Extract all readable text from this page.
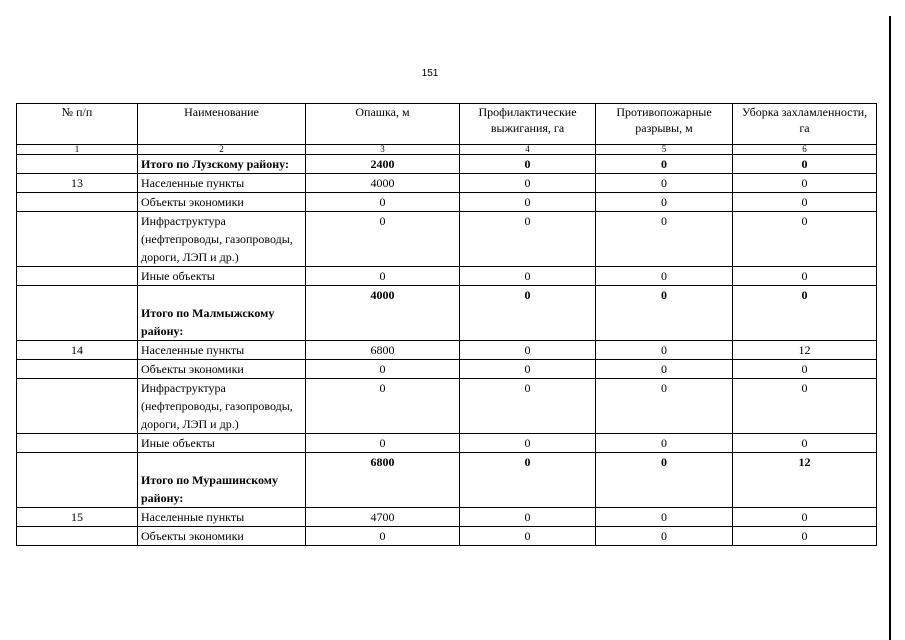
151
№ п/п	Наименование	Опашка, м	Профилактические выжигания, га	Противопожарные разрывы, м	Уборка захламленности, га
1	2	3	4	5	6
	Итого по Лузскому району:	2400	0	0	0
13	Населенные пункты	4000	0	0	0
	Объекты экономики	0	0	0	0
	Инфраструктура (нефтепроводы, газопроводы, дороги, ЛЭП и др.)	0	0	0	0
	Иные объекты	0	0	0	0
	Итого по Малмыжскому району:	4000	0	0	0
14	Населенные пункты	6800	0	0	12
	Объекты экономики	0	0	0	0
	Инфраструктура (нефтепроводы, газопроводы, дороги, ЛЭП и др.)	0	0	0	0
	Иные объекты	0	0	0	0
	Итого по Мурашинскому району:	6800	0	0	12
15	Населенные пункты	4700	0	0	0
	Объекты экономики	0	0	0	0
